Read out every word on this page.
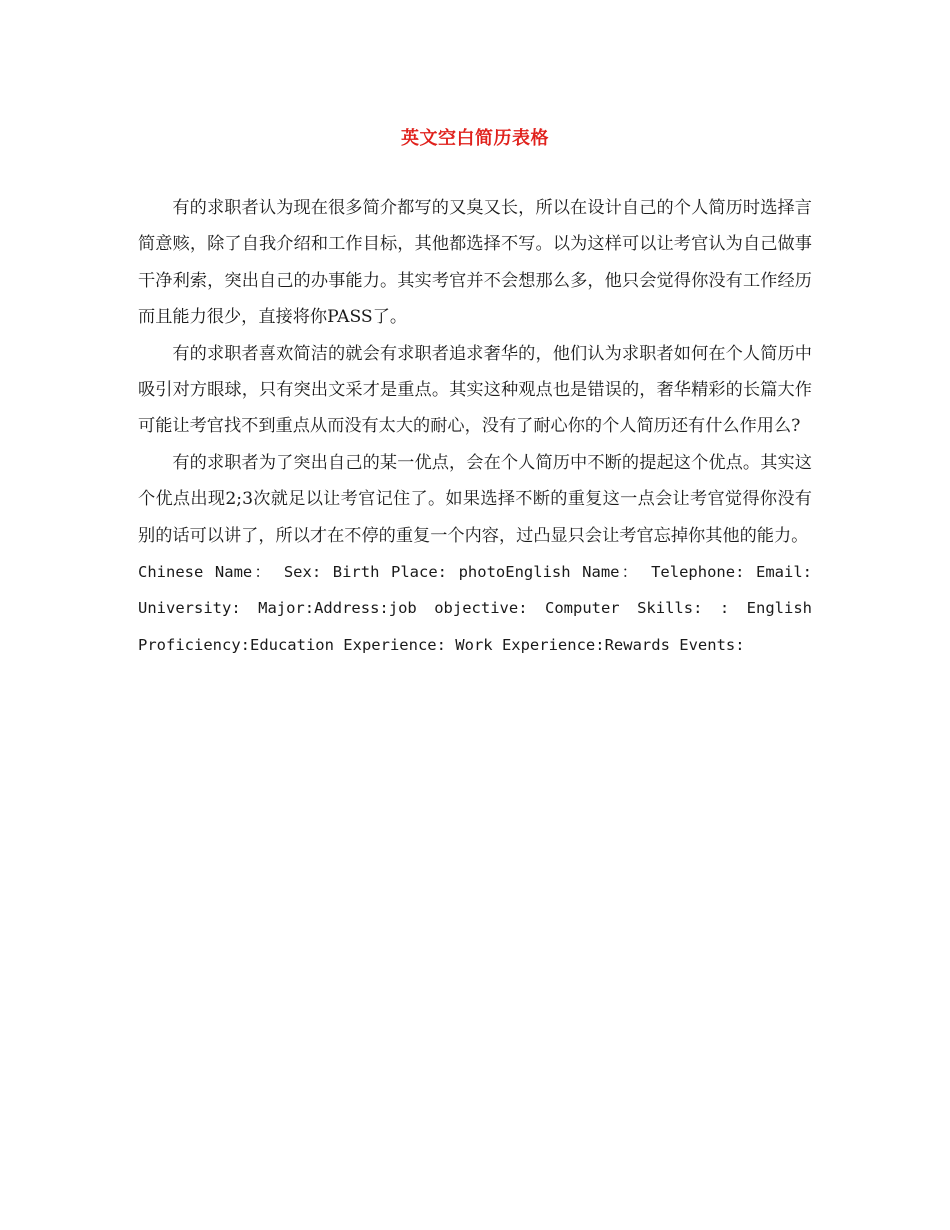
英文空白简历表格

有的求职者认为现在很多简介都写的又臭又长，所以在设计自己的个人简历时选择言简意赅，除了自我介绍和工作目标，其他都选择不写。以为这样可以让考官认为自己做事干净利索，突出自己的办事能力。其实考官并不会想那么多，他只会觉得你没有工作经历而且能力很少，直接将你PASS了。

有的求职者喜欢简洁的就会有求职者追求奢华的，他们认为求职者如何在个人简历中吸引对方眼球，只有突出文采才是重点。其实这种观点也是错误的，奢华精彩的长篇大作可能让考官找不到重点从而没有太大的耐心，没有了耐心你的个人简历还有什么作用么?

有的求职者为了突出自己的某一优点，会在个人简历中不断的提起这个优点。其实这个优点出现2;3次就足以让考官记住了。如果选择不断的重复这一点会让考官觉得你没有别的话可以讲了，所以才在不停的重复一个内容，过凸显只会让考官忘掉你其他的能力。

Chinese Name： Sex: Birth Place: photoEnglish Name： Telephone: Email: University: Major:Address:job objective: Computer Skills: : English Proficiency:Education Experience: Work Experience:Rewards Events:
